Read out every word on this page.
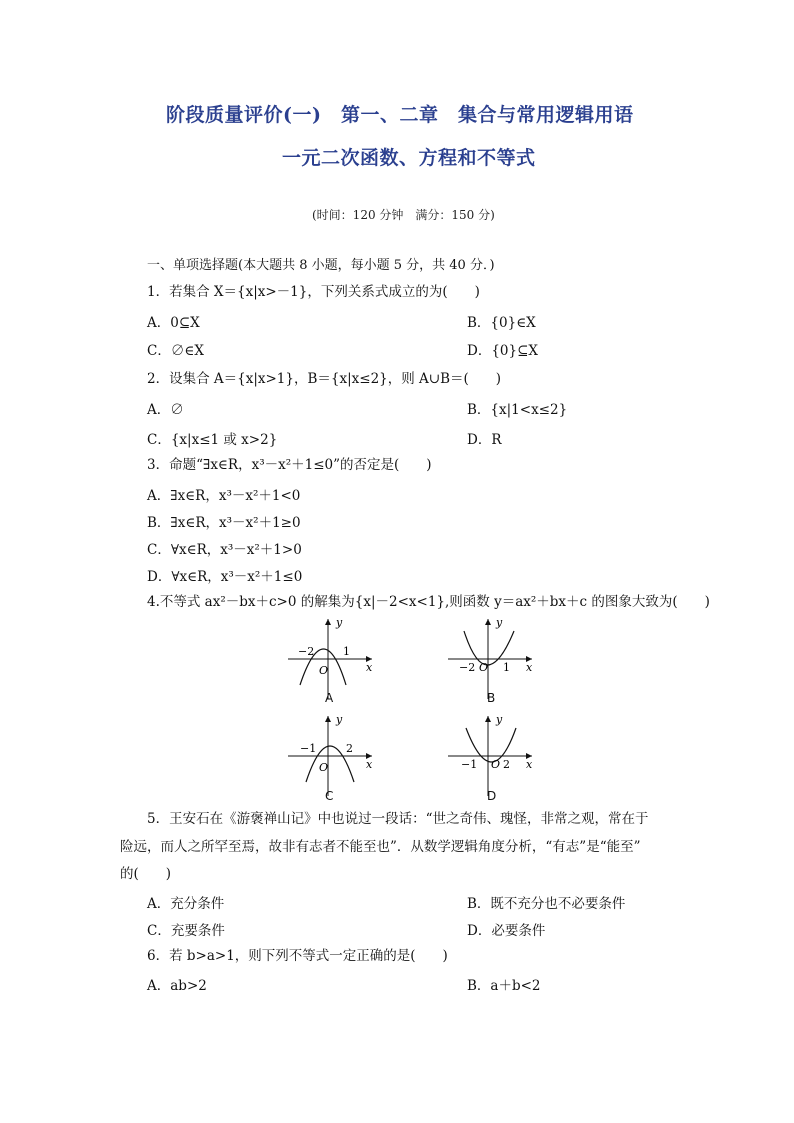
阶段质量评价(一)　第一、二章　集合与常用逻辑用语
一元二次函数、方程和不等式
(时间：120 分钟　满分：150 分)
一、单项选择题(本大题共 8 小题，每小题 5 分，共 40 分．)
1．若集合 X＝{x|x>－1}，下列关系式成立的为(　　)
A．0⊆X	B．{0}∈X
C．∅∈X	D．{0}⊆X
2．设集合 A＝{x|x>1}，B＝{x|x≤2}，则 A∪B＝(　　)
A．∅	B．{x|1<x≤2}
C．{x|x≤1 或 x>2}	D．R
3．命题“∃x∈R，x³－x²＋1≤0”的否定是(　　)
A．∃x∈R，x³－x²＋1<0
B．∃x∈R，x³－x²＋1≥0
C．∀x∈R，x³－x²＋1>0
D．∀x∈R，x³－x²＋1≤0
4.不等式 ax²－bx＋c>0 的解集为{x|－2<x<1},则函数 y＝ax²＋bx＋c 的图象大致为(　　)
y
x
O
−2	1
A
y
x
O
−2	1
B
y
x
O
−1	2
C
y
x
O
−1 2
D
5．王安石在《游褒禅山记》中也说过一段话：“世之奇伟、瑰怪，非常之观，常在于
险远，而人之所罕至焉，故非有志者不能至也”．从数学逻辑角度分析，“有志”是“能至”
的(　　)
A．充分条件	B．既不充分也不必要条件
C．充要条件	D．必要条件
6．若 b>a>1，则下列不等式一定正确的是(　　)
A．ab>2	B．a＋b<2
